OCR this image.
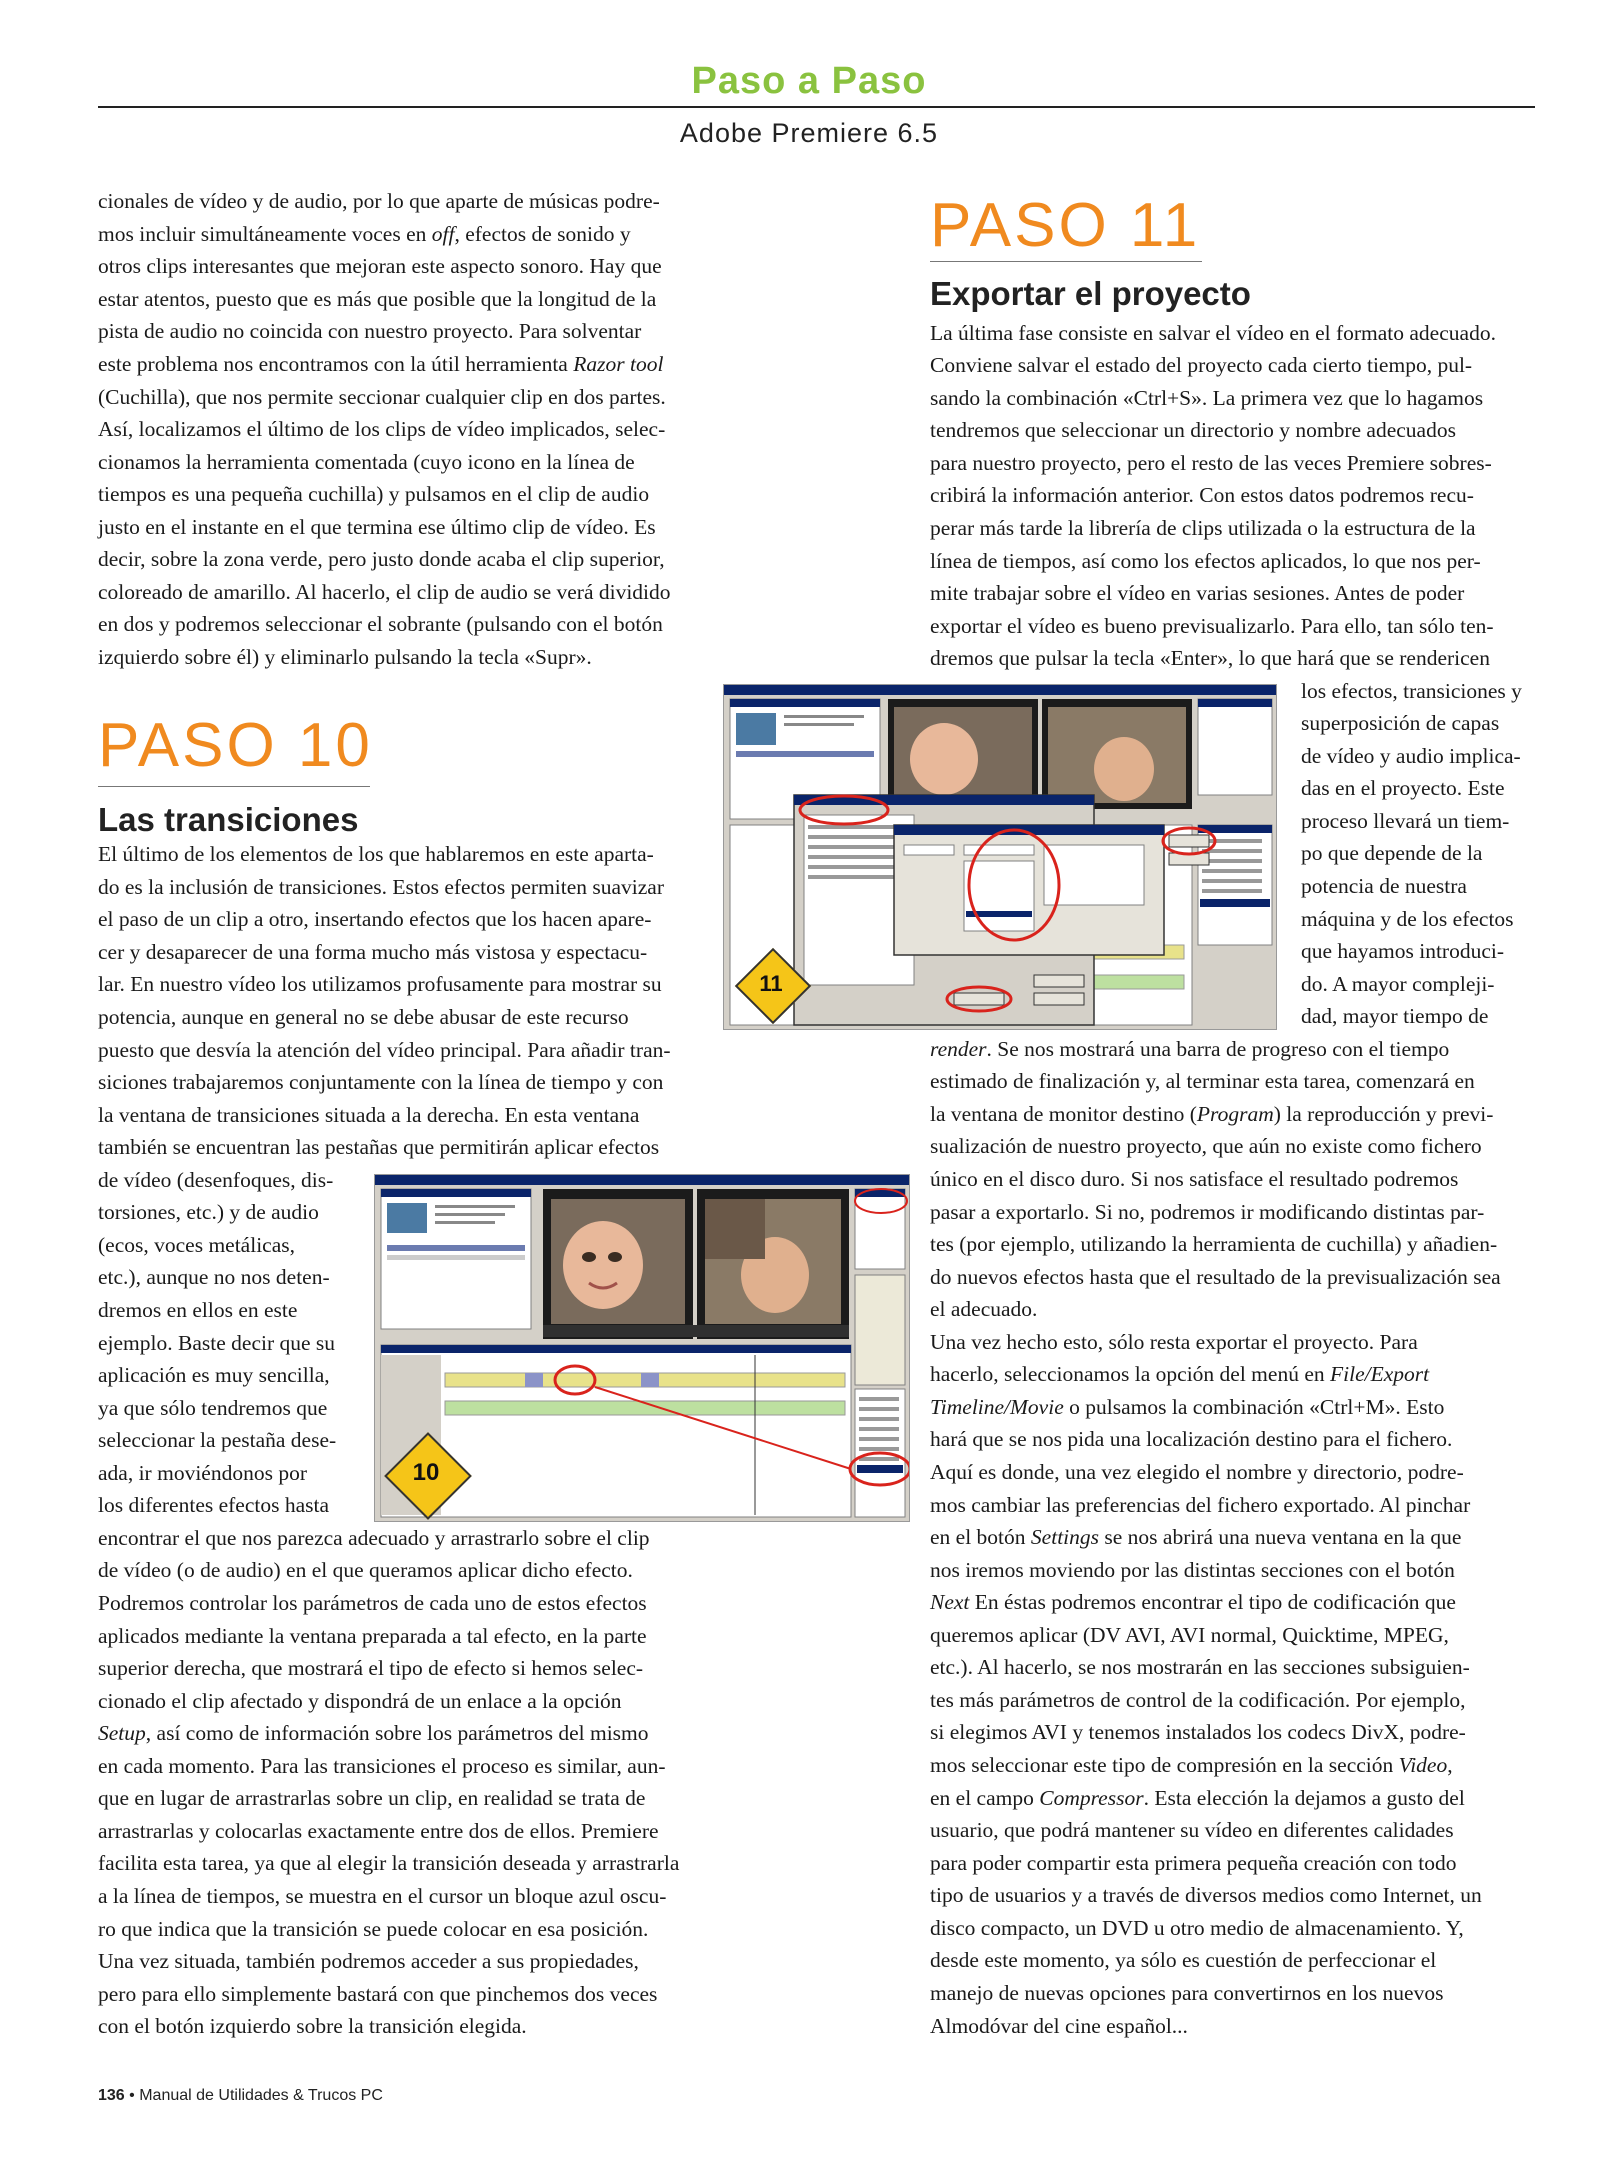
Paso a Paso
Adobe Premiere 6.5
cionales de vídeo y de audio, por lo que aparte de músicas podre-
mos incluir simultáneamente voces en off, efectos de sonido y
otros clips interesantes que mejoran este aspecto sonoro. Hay que
estar atentos, puesto que es más que posible que la longitud de la
pista de audio no coincida con nuestro proyecto. Para solventar
este problema nos encontramos con la útil herramienta Razor tool
(Cuchilla), que nos permite seccionar cualquier clip en dos partes.
Así, localizamos el último de los clips de vídeo implicados, selec-
cionamos la herramienta comentada (cuyo icono en la línea de
tiempos es una pequeña cuchilla) y pulsamos en el clip de audio
justo en el instante en el que termina ese último clip de vídeo. Es
decir, sobre la zona verde, pero justo donde acaba el clip superior,
coloreado de amarillo. Al hacerlo, el clip de audio se verá dividido
en dos y podremos seleccionar el sobrante (pulsando con el botón
izquierdo sobre él) y eliminarlo pulsando la tecla «Supr».
PASO 10
Las transiciones
El último de los elementos de los que hablaremos en este aparta-
do es la inclusión de transiciones. Estos efectos permiten suavizar
el paso de un clip a otro, insertando efectos que los hacen apare-
cer y desaparecer de una forma mucho más vistosa y espectacu-
lar. En nuestro vídeo los utilizamos profusamente para mostrar su
potencia, aunque en general no se debe abusar de este recurso
puesto que desvía la atención del vídeo principal. Para añadir tran-
siciones trabajaremos conjuntamente con la línea de tiempo y con
la ventana de transiciones situada a la derecha. En esta ventana
también se encuentran las pestañas que permitirán aplicar efectos
de vídeo (desenfoques, dis-
torsiones, etc.) y de audio
(ecos, voces metálicas,
etc.), aunque no nos deten-
dremos en ellos en este
ejemplo. Baste decir que su
aplicación es muy sencilla,
ya que sólo tendremos que
seleccionar la pestaña dese-
ada, ir moviéndonos por
los diferentes efectos hasta
encontrar el que nos parezca adecuado y arrastrarlo sobre el clip
de vídeo (o de audio) en el que queramos aplicar dicho efecto.
Podremos controlar los parámetros de cada uno de estos efectos
aplicados mediante la ventana preparada a tal efecto, en la parte
superior derecha, que mostrará el tipo de efecto si hemos selec-
cionado el clip afectado y dispondrá de un enlace a la opción
Setup, así como de información sobre los parámetros del mismo
en cada momento. Para las transiciones el proceso es similar, aun-
que en lugar de arrastrarlas sobre un clip, en realidad se trata de
arrastrarlas y colocarlas exactamente entre dos de ellos. Premiere
facilita esta tarea, ya que al elegir la transición deseada y arrastrarla
a la línea de tiempos, se muestra en el cursor un bloque azul oscu-
ro que indica que la transición se puede colocar en esa posición.
Una vez situada, también podremos acceder a sus propiedades,
pero para ello simplemente bastará con que pinchemos dos veces
con el botón izquierdo sobre la transición elegida.
10
PASO 11
Exportar el proyecto
La última fase consiste en salvar el vídeo en el formato adecuado.
Conviene salvar el estado del proyecto cada cierto tiempo, pul-
sando la combinación «Ctrl+S». La primera vez que lo hagamos
tendremos que seleccionar un directorio y nombre adecuados
para nuestro proyecto, pero el resto de las veces Premiere sobres-
cribirá la información anterior. Con estos datos podremos recu-
perar más tarde la librería de clips utilizada o la estructura de la
línea de tiempos, así como los efectos aplicados, lo que nos per-
mite trabajar sobre el vídeo en varias sesiones. Antes de poder
exportar el vídeo es bueno previsualizarlo. Para ello, tan sólo ten-
dremos que pulsar la tecla «Enter», lo que hará que se rendericen
los efectos, transiciones y
superposición de capas
de vídeo y audio implica-
das en el proyecto. Este
proceso llevará un tiem-
po que depende de la
potencia de nuestra
máquina y de los efectos
que hayamos introduci-
do. A mayor compleji-
dad, mayor tiempo de
render. Se nos mostrará una barra de progreso con el tiempo
estimado de finalización y, al terminar esta tarea, comenzará en
la ventana de monitor destino (Program) la reproducción y previ-
sualización de nuestro proyecto, que aún no existe como fichero
único en el disco duro. Si nos satisface el resultado podremos
pasar a exportarlo. Si no, podremos ir modificando distintas par-
tes (por ejemplo, utilizando la herramienta de cuchilla) y añadien-
do nuevos efectos hasta que el resultado de la previsualización sea
el adecuado.
Una vez hecho esto, sólo resta exportar el proyecto. Para
hacerlo, seleccionamos la opción del menú en File/Export
Timeline/Movie o pulsamos la combinación «Ctrl+M». Esto
hará que se nos pida una localización destino para el fichero.
Aquí es donde, una vez elegido el nombre y directorio, podre-
mos cambiar las preferencias del fichero exportado. Al pinchar
en el botón Settings se nos abrirá una nueva ventana en la que
nos iremos moviendo por las distintas secciones con el botón
Next En éstas podremos encontrar el tipo de codificación que
queremos aplicar (DV AVI, AVI normal, Quicktime, MPEG,
etc.). Al hacerlo, se nos mostrarán en las secciones subsiguien-
tes más parámetros de control de la codificación. Por ejemplo,
si elegimos AVI y tenemos instalados los codecs DivX, podre-
mos seleccionar este tipo de compresión en la sección Video,
en el campo Compressor. Esta elección la dejamos a gusto del
usuario, que podrá mantener su vídeo en diferentes calidades
para poder compartir esta primera pequeña creación con todo
tipo de usuarios y a través de diversos medios como Internet, un
disco compacto, un DVD u otro medio de almacenamiento. Y,
desde este momento, ya sólo es cuestión de perfeccionar el
manejo de nuevas opciones para convertirnos en los nuevos
Almodóvar del cine español...
11
136 • Manual de Utilidades & Trucos PC
